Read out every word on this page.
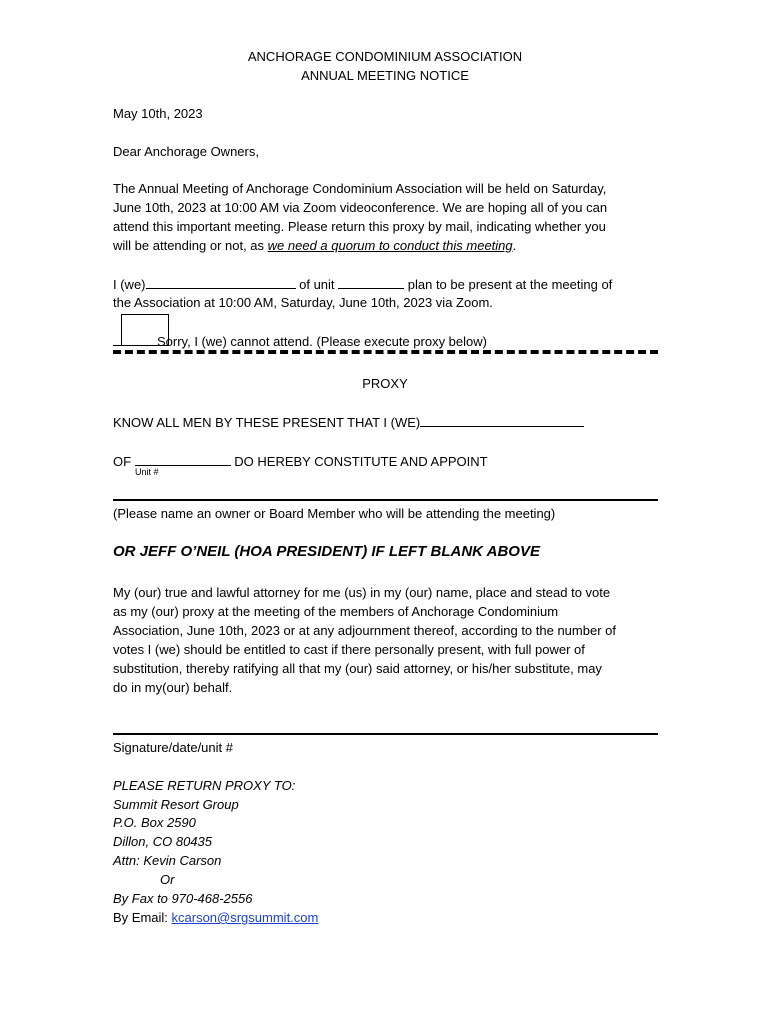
ANCHORAGE CONDOMINIUM ASSOCIATION
ANNUAL MEETING NOTICE
May 10th, 2023
Dear Anchorage Owners,
The Annual Meeting of Anchorage Condominium Association will be held on Saturday,
June 10th, 2023 at 10:00 AM via Zoom videoconference. We are hoping all of you can
attend this important meeting. Please return this proxy by mail, indicating whether you
will be attending or not, as we need a quorum to conduct this meeting.
I (we)	of unit	plan to be present at the meeting of
the Association at 10:00 AM, Saturday, June 10th, 2023 via Zoom.
Sorry, I (we) cannot attend. (Please execute proxy below)
PROXY
KNOW ALL MEN BY THESE PRESENT THAT I (WE)
OF	DO HEREBY CONSTITUTE AND APPOINT
Unit #
(Please name an owner or Board Member who will be attending the meeting)
OR JEFF O’NEIL (HOA PRESIDENT) IF LEFT BLANK ABOVE
My (our) true and lawful attorney for me (us) in my (our) name, place and stead to vote
as my (our) proxy at the meeting of the members of Anchorage Condominium
Association, June 10th, 2023 or at any adjournment thereof, according to the number of
votes I (we) should be entitled to cast if there personally present, with full power of
substitution, thereby ratifying all that my (our) said attorney, or his/her substitute, may
do in my(our) behalf.
Signature/date/unit #
PLEASE RETURN PROXY TO:
Summit Resort Group
P.O. Box 2590
Dillon, CO 80435
Attn: Kevin Carson
Or
By Fax to 970-468-2556
By Email: kcarson@srgsummit.com
